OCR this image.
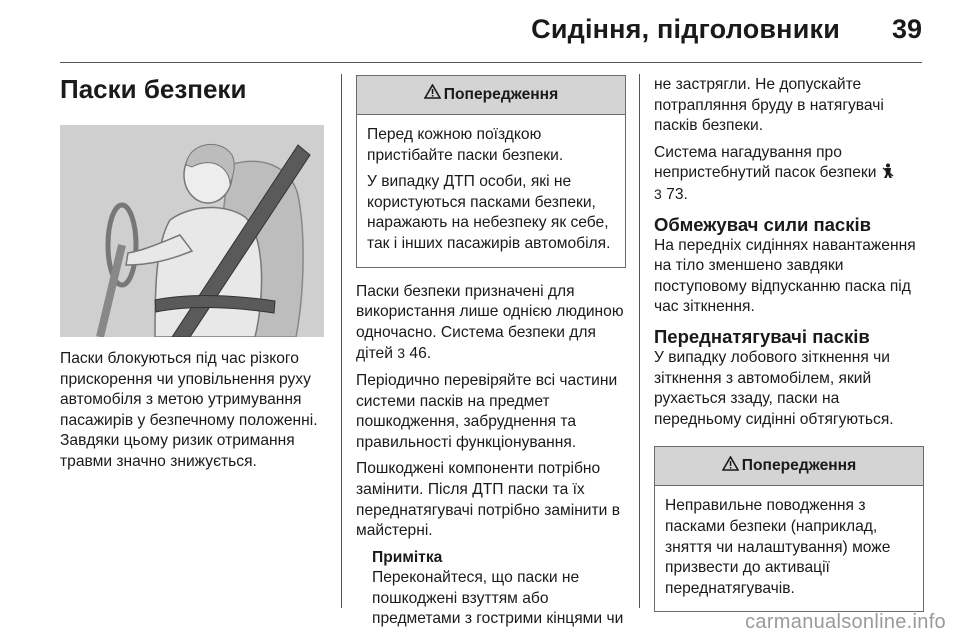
Сидіння, підголовники 39
Паски безпеки

Паски блокуються під час різкого прискорення чи уповільнення руху автомобіля з метою утримування пасажирів у безпечному положенні. Завдяки цьому ризик отримання травми значно знижується.

Попередження

Перед кожною поїздкою пристібайте паски безпеки.

У випадку ДТП особи, які не користуються пасками безпеки, наражають на небезпеку як себе, так і інших пасажирів автомобіля.

Паски безпеки призначені для використання лише однією людиною одночасно. Система безпеки для дітей 3 46.

Періодично перевіряйте всі частини системи пасків на предмет пошкодження, забруднення та правильності функціонування.

Пошкоджені компоненти потрібно замінити. Після ДТП паски та їх переднатягувачі потрібно замінити в майстерні.

Примітка
Переконайтеся, що паски не пошкоджені взуттям або предметами з гострими кінцями чи

не застрягли. Не допускайте потрапляння бруду в натягувачі пасків безпеки.

Система нагадування про непристебнутий пасок безпеки
3 73.

Обмежувач сили пасків

На передніх сидіннях навантаження на тіло зменшено завдяки поступовому відпусканню паска під час зіткнення.

Переднатягувачі пасків

У випадку лобового зіткнення чи зіткнення з автомобілем, який рухається ззаду, паски на передньому сидінні обтягуються.

Попередження

Неправильне поводження з пасками безпеки (наприклад, зняття чи налаштування) може призвести до активації переднатягувачів.

carmanualsonline.info
